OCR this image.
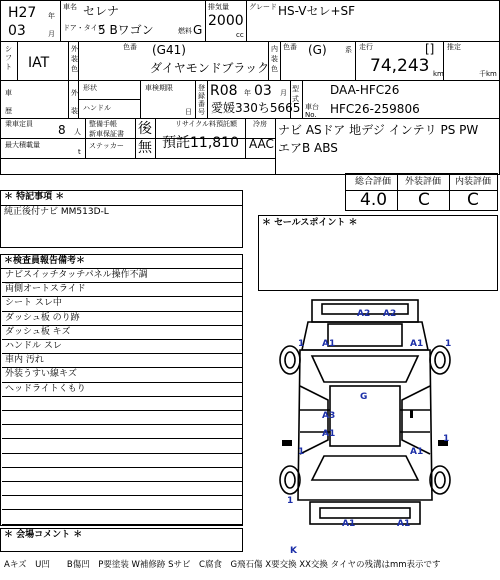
H27 年
03	月
車名 セレナ
ドア・タイプ
5 Bワゴン	燃料 G
排気量
2000
cc
グレード HS-Vセレ+SF
シフト IAT
外装色
色番 (G41)
ダイヤモンドブラック
内装色
色番 (G)	系 走行	[]
74,243 km
推定
千km
車歴
外装
形状
ハンドル
車検期限
日
登録番号
R08 年 03 月
愛媛330ち5665
型式
DAA-HFC26
車台No.	HFC26-259806
乗車定員 8 人
最大積載量
t
整備手帳
新車保証書
ステッカー
後
無
リサイクル料預託額
預託11,810
冷房
AAC
ナビ ASドア 地デジ インテリ PS PW
エアB ABS
＊ 特記事項 ＊
純正後付ナビ MM513D-L
総合評価 外装評価 内装評価
4.0 C C
＊ セールスポイント ＊
＊検査員報告備考＊
ナビスイッチタッチパネル操作不調
両側オートスライド
シート スレ中
ダッシュ板 のり跡
ダッシュ板 キズ
ハンドル スレ
車内 汚れ
外装うすい線キズ
ヘッドライトくもり
＊ 会場コメント ＊
A2 A2
1 A1	1
A1
G
A3
A1	1
1	A1
1
A1	A1
K
Aキズ　U凹　　B傷凹　P要塗装 W補修跡 Sサビ　C腐食　G飛石傷 X要交換 XX交換 タイヤの残溝はmm表示です
